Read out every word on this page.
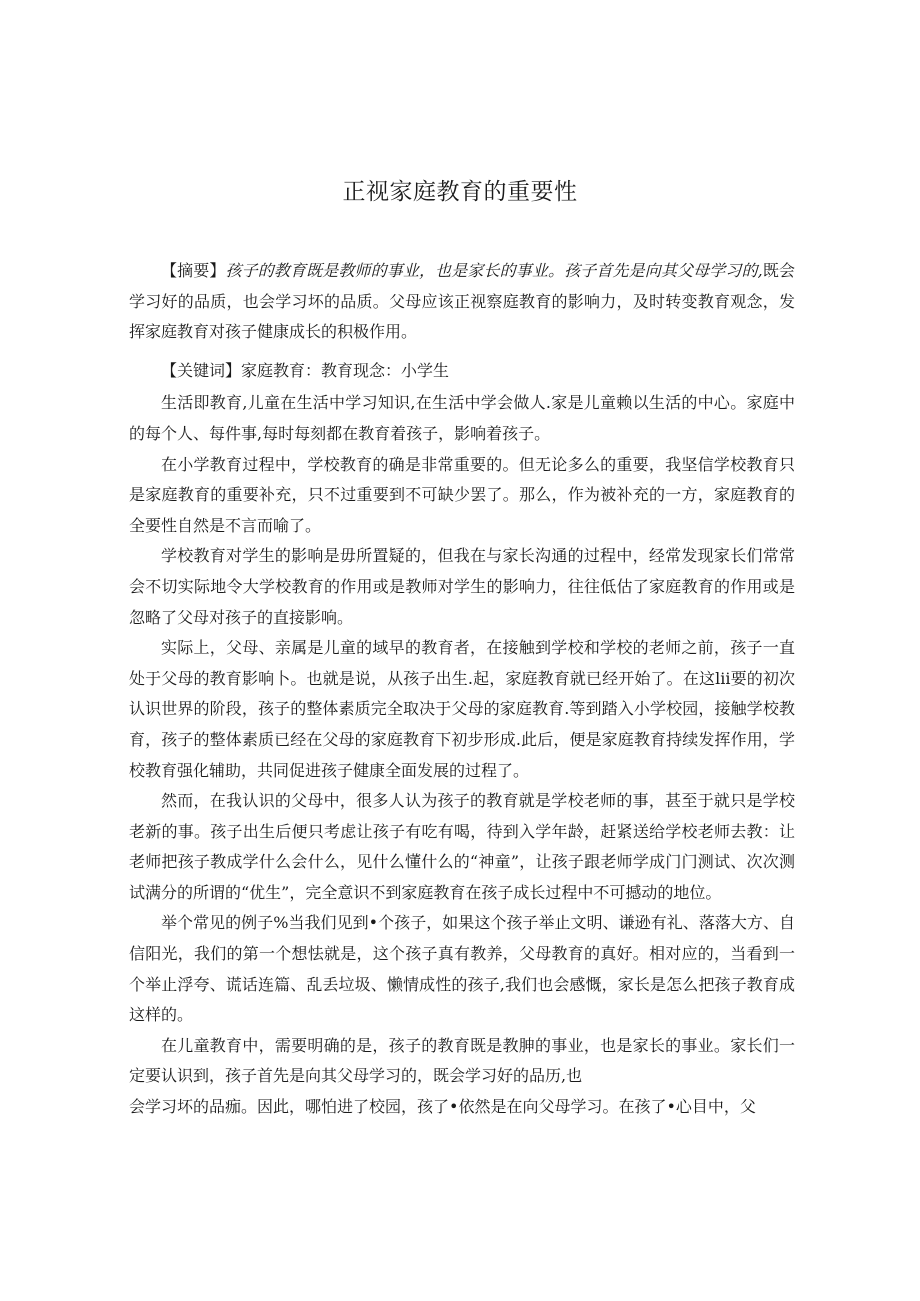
正视家庭教育的重要性

【摘要】孩子的教育既是教师的事业，也是家长的事业。孩子首先是向其父母学习的,既会学习好的品质，也会学习坏的品质。父母应该正视察庭教育的影响力，及时转变教育观念，发挥家庭教育对孩子健康成长的积极作用。

【关键词】家庭教育：教育现念：小学生

生活即教育,儿童在生活中学习知识,在生活中学会做人.家是儿童赖以生活的中心。家庭中的每个人、每件事,每时每刻都在教育着孩子，影响着孩子。

在小学教育过程中，学校教育的确是非常重要的。但无论多么的重要，我坚信学校教育只是家庭教育的重要补充，只不过重要到不可缺少罢了。那么，作为被补充的一方，家庭教育的全要性自然是不言而喻了。

学校教育对学生的影响是毋所置疑的，但我在与家长沟通的过程中，经常发现家长们常常会不切实际地令大学校教育的作用或是教师对学生的影响力，往往低估了家庭教育的作用或是忽略了父母对孩子的直接影响。

实际上，父母、亲属是儿童的域早的教育者，在接触到学校和学校的老师之前，孩子一直处于父母的教育影响卜。也就是说，从孩子出生.起，家庭教育就已经开始了。在这lii要的初次认识世界的阶段，孩子的整体素质完全取决于父母的家庭教育.等到踏入小学校园，接触学校教育，孩子的整体素质已经在父母的家庭教育下初步形成.此后，便是家庭教育持续发挥作用，学校教育强化辅助，共同促进孩子健康全面发展的过程了。

然而，在我认识的父母中，很多人认为孩子的教育就是学校老师的事，甚至于就只是学校老新的事。孩子出生后便只考虑让孩子有吃有喝，待到入学年龄，赶紧送给学校老师去教：让老师把孩子教成学什么会什么，见什么懂什么的“神童”，让孩子跟老师学成门门测试、次次测试满分的所谓的“优生”，完全意识不到家庭教育在孩子成长过程中不可撼动的地位。

举个常见的例子%当我们见到•个孩子，如果这个孩子举止文明、谦逊有礼、落落大方、自信阳光，我们的第一个想怯就是，这个孩子真有教养，父母教育的真好。相对应的，当看到一个举止浮夸、谎话连篇、乱丢垃圾、懒情成性的孩子,我们也会感慨，家长是怎么把孩子教育成这样的。

在儿童教育中，需要明确的是，孩子的教育既是教胂的事业，也是家长的事业。家长们一定要认识到，孩子首先是向其父母学习的，既会学习好的品历,也

会学习坏的品痂。因此，哪怕进了校园，孩了•依然是在向父母学习。在孩了•心目中，父
